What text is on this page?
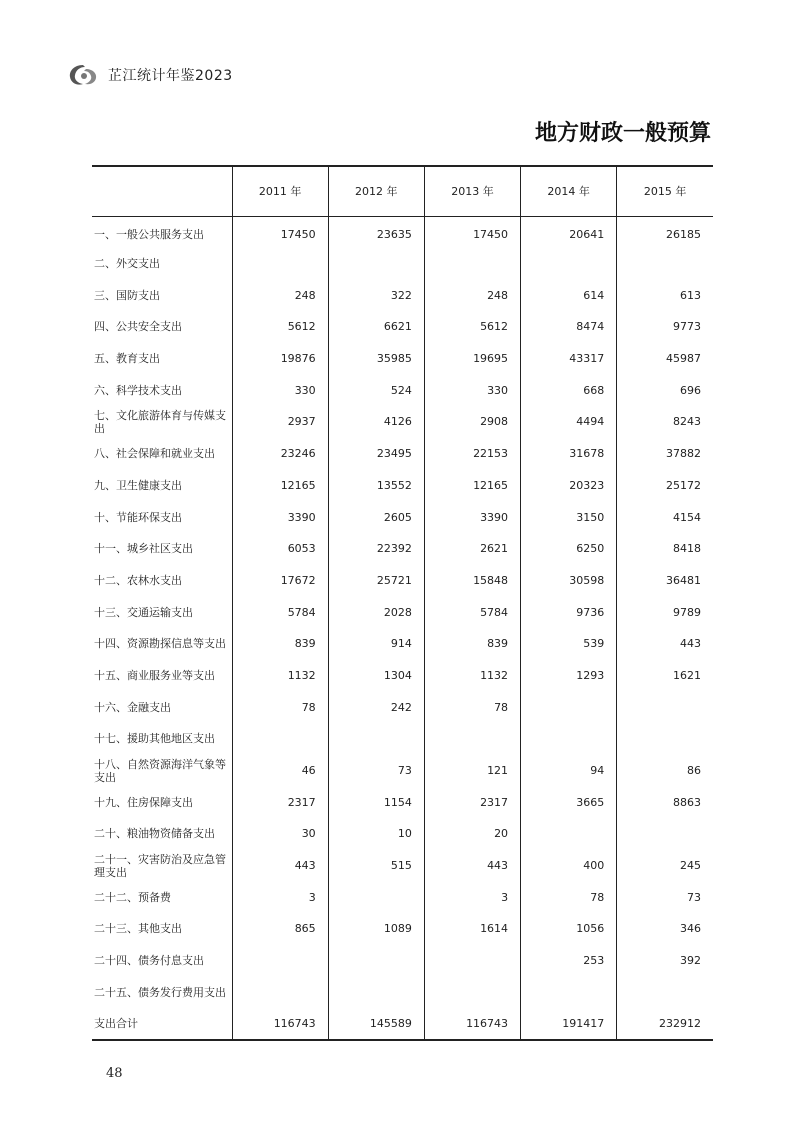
芷江统计年鉴2023
地方财政一般预算
	2011 年	2012 年	2013 年	2014 年	2015 年
一、一般公共服务支出	17450	23635	17450	20641	26185
二、外交支出					
三、国防支出	248	322	248	614	613
四、公共安全支出	5612	6621	5612	8474	9773
五、教育支出	19876	35985	19695	43317	45987
六、科学技术支出	330	524	330	668	696
七、文化旅游体育与传媒支出	2937	4126	2908	4494	8243
八、社会保障和就业支出	23246	23495	22153	31678	37882
九、卫生健康支出	12165	13552	12165	20323	25172
十、节能环保支出	3390	2605	3390	3150	4154
十一、城乡社区支出	6053	22392	2621	6250	8418
十二、农林水支出	17672	25721	15848	30598	36481
十三、交通运输支出	5784	2028	5784	9736	9789
十四、资源勘探信息等支出	839	914	839	539	443
十五、商业服务业等支出	1132	1304	1132	1293	1621
十六、金融支出	78	242	78		
十七、援助其他地区支出					
十八、自然资源海洋气象等支出	46	73	121	94	86
十九、住房保障支出	2317	1154	2317	3665	8863
二十、粮油物资储备支出	30	10	20		
二十一、灾害防治及应急管理支出	443	515	443	400	245
二十二、预备费	3		3	78	73
二十三、其他支出	865	1089	1614	1056	346
二十四、债务付息支出				253	392
二十五、债务发行费用支出					
支出合计	116743	145589	116743	191417	232912
48
